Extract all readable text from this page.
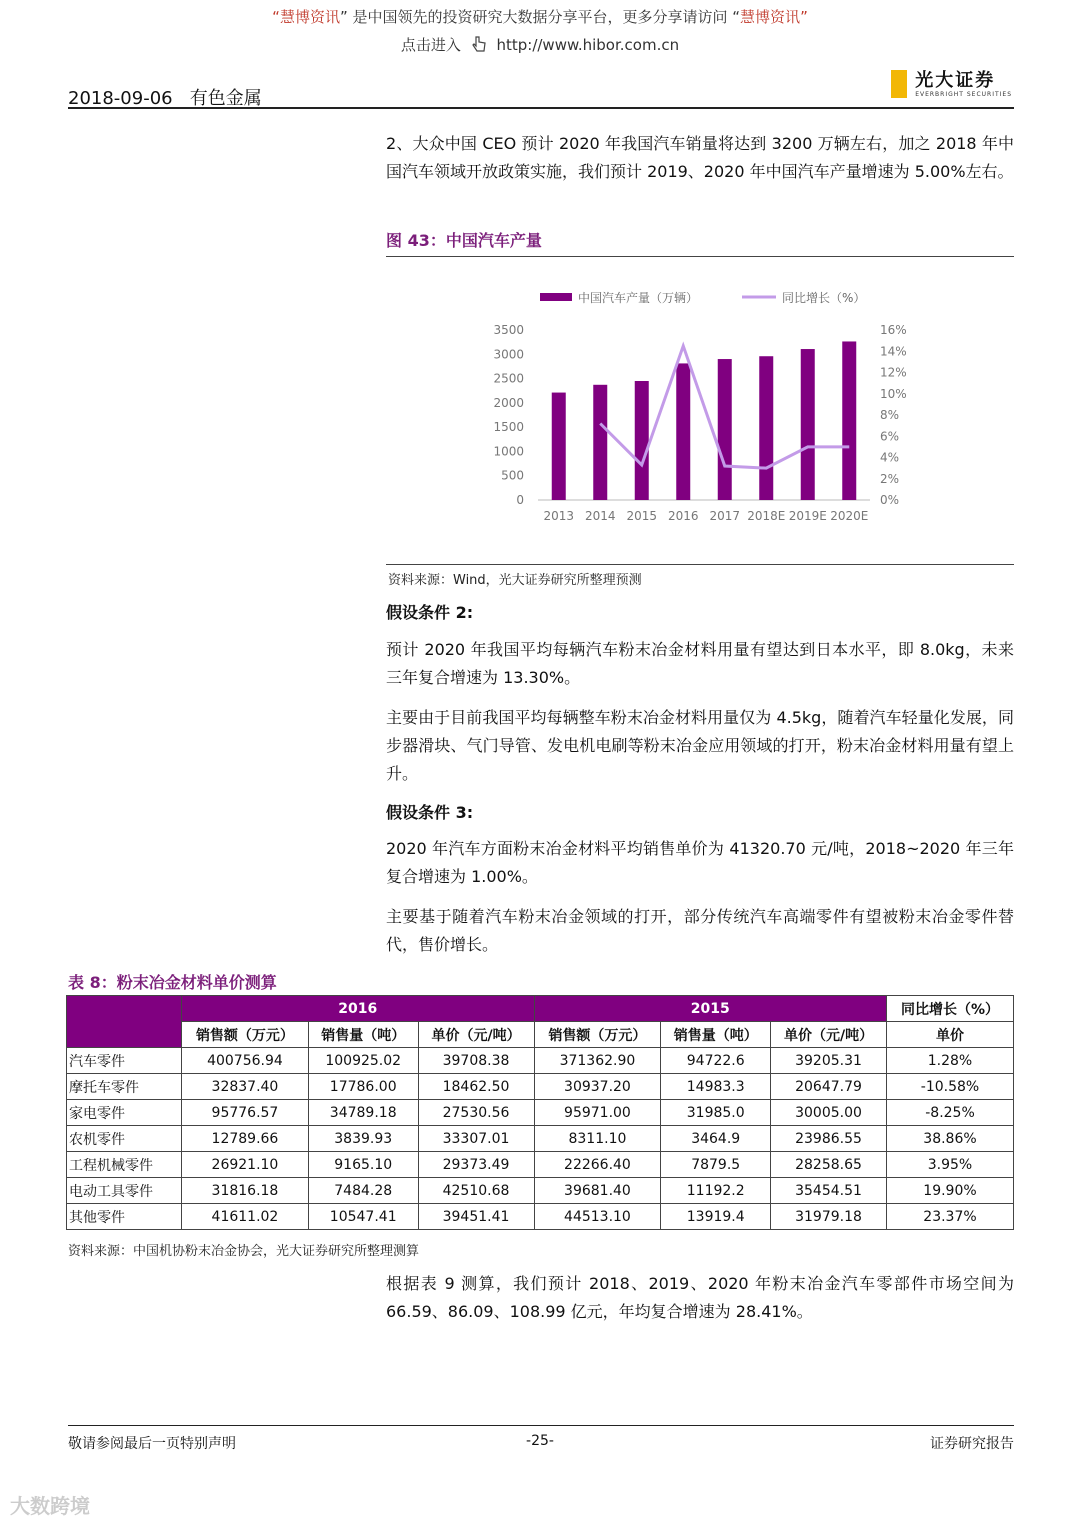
“慧博资讯” 是中国领先的投资研究大数据分享平台，更多分享请访问 “慧博资讯”
点击进入 http://www.hibor.com.cn
2018-09-06 有色金属
光大证券
EVERBRIGHT SECURITIES

2、大众中国 CEO 预计 2020 年我国汽车销量将达到 3200 万辆左右，加之 2018 年中国汽车领域开放政策实施，我们预计 2019、2020 年中国汽车产量增速为 5.00%左右。

图 43：中国汽车产量
0
500
1000
1500
2000
2500
3000
3500
0%
2%
4%
6%
8%
10%
12%
14%
16%
2013 2014 2015 2016 2017 2018E 2019E 2020E
中国汽车产量（万辆）	同比增长（%）
资料来源：Wind，光大证券研究所整理预测
假设条件 2:

预计 2020 年我国平均每辆汽车粉末冶金材料用量有望达到日本水平，即 8.0kg，未来三年复合增速为 13.30%。

主要由于目前我国平均每辆整车粉末冶金材料用量仅为 4.5kg，随着汽车轻量化发展，同步器滑块、气门导管、发电机电刷等粉末冶金应用领域的打开，粉末冶金材料用量有望上升。

假设条件 3:

2020 年汽车方面粉末冶金材料平均销售单价为 41320.70 元/吨，2018~2020 年三年复合增速为 1.00%。

主要基于随着汽车粉末冶金领域的打开，部分传统汽车高端零件有望被粉末冶金零件替代，售价增长。

表 8：粉末冶金材料单价测算
	2016			2015			同比增长（%）
	销售额（万元）	销售量（吨）	单价（元/吨）	销售额（万元）	销售量（吨）	单价（元/吨）	单价
汽车零件	400756.94	100925.02	39708.38	371362.90	94722.6	39205.31	1.28%
摩托车零件	32837.40	17786.00	18462.50	30937.20	14983.3	20647.79	-10.58%
家电零件	95776.57	34789.18	27530.56	95971.00	31985.0	30005.00	-8.25%
农机零件	12789.66	3839.93	33307.01	8311.10	3464.9	23986.55	38.86%
工程机械零件	26921.10	9165.10	29373.49	22266.40	7879.5	28258.65	3.95%
电动工具零件	31816.18	7484.28	42510.68	39681.40	11192.2	35454.51	19.90%
其他零件	41611.02	10547.41	39451.41	44513.10	13919.4	31979.18	23.37%
资料来源：中国机协粉末冶金协会，光大证券研究所整理测算

根据表 9 测算，我们预计 2018、2019、2020 年粉末冶金汽车零部件市场空间为 66.59、86.09、108.99 亿元，年均复合增速为 28.41%。

敬请参阅最后一页特别声明	-25-	证券研究报告
大数跨境
